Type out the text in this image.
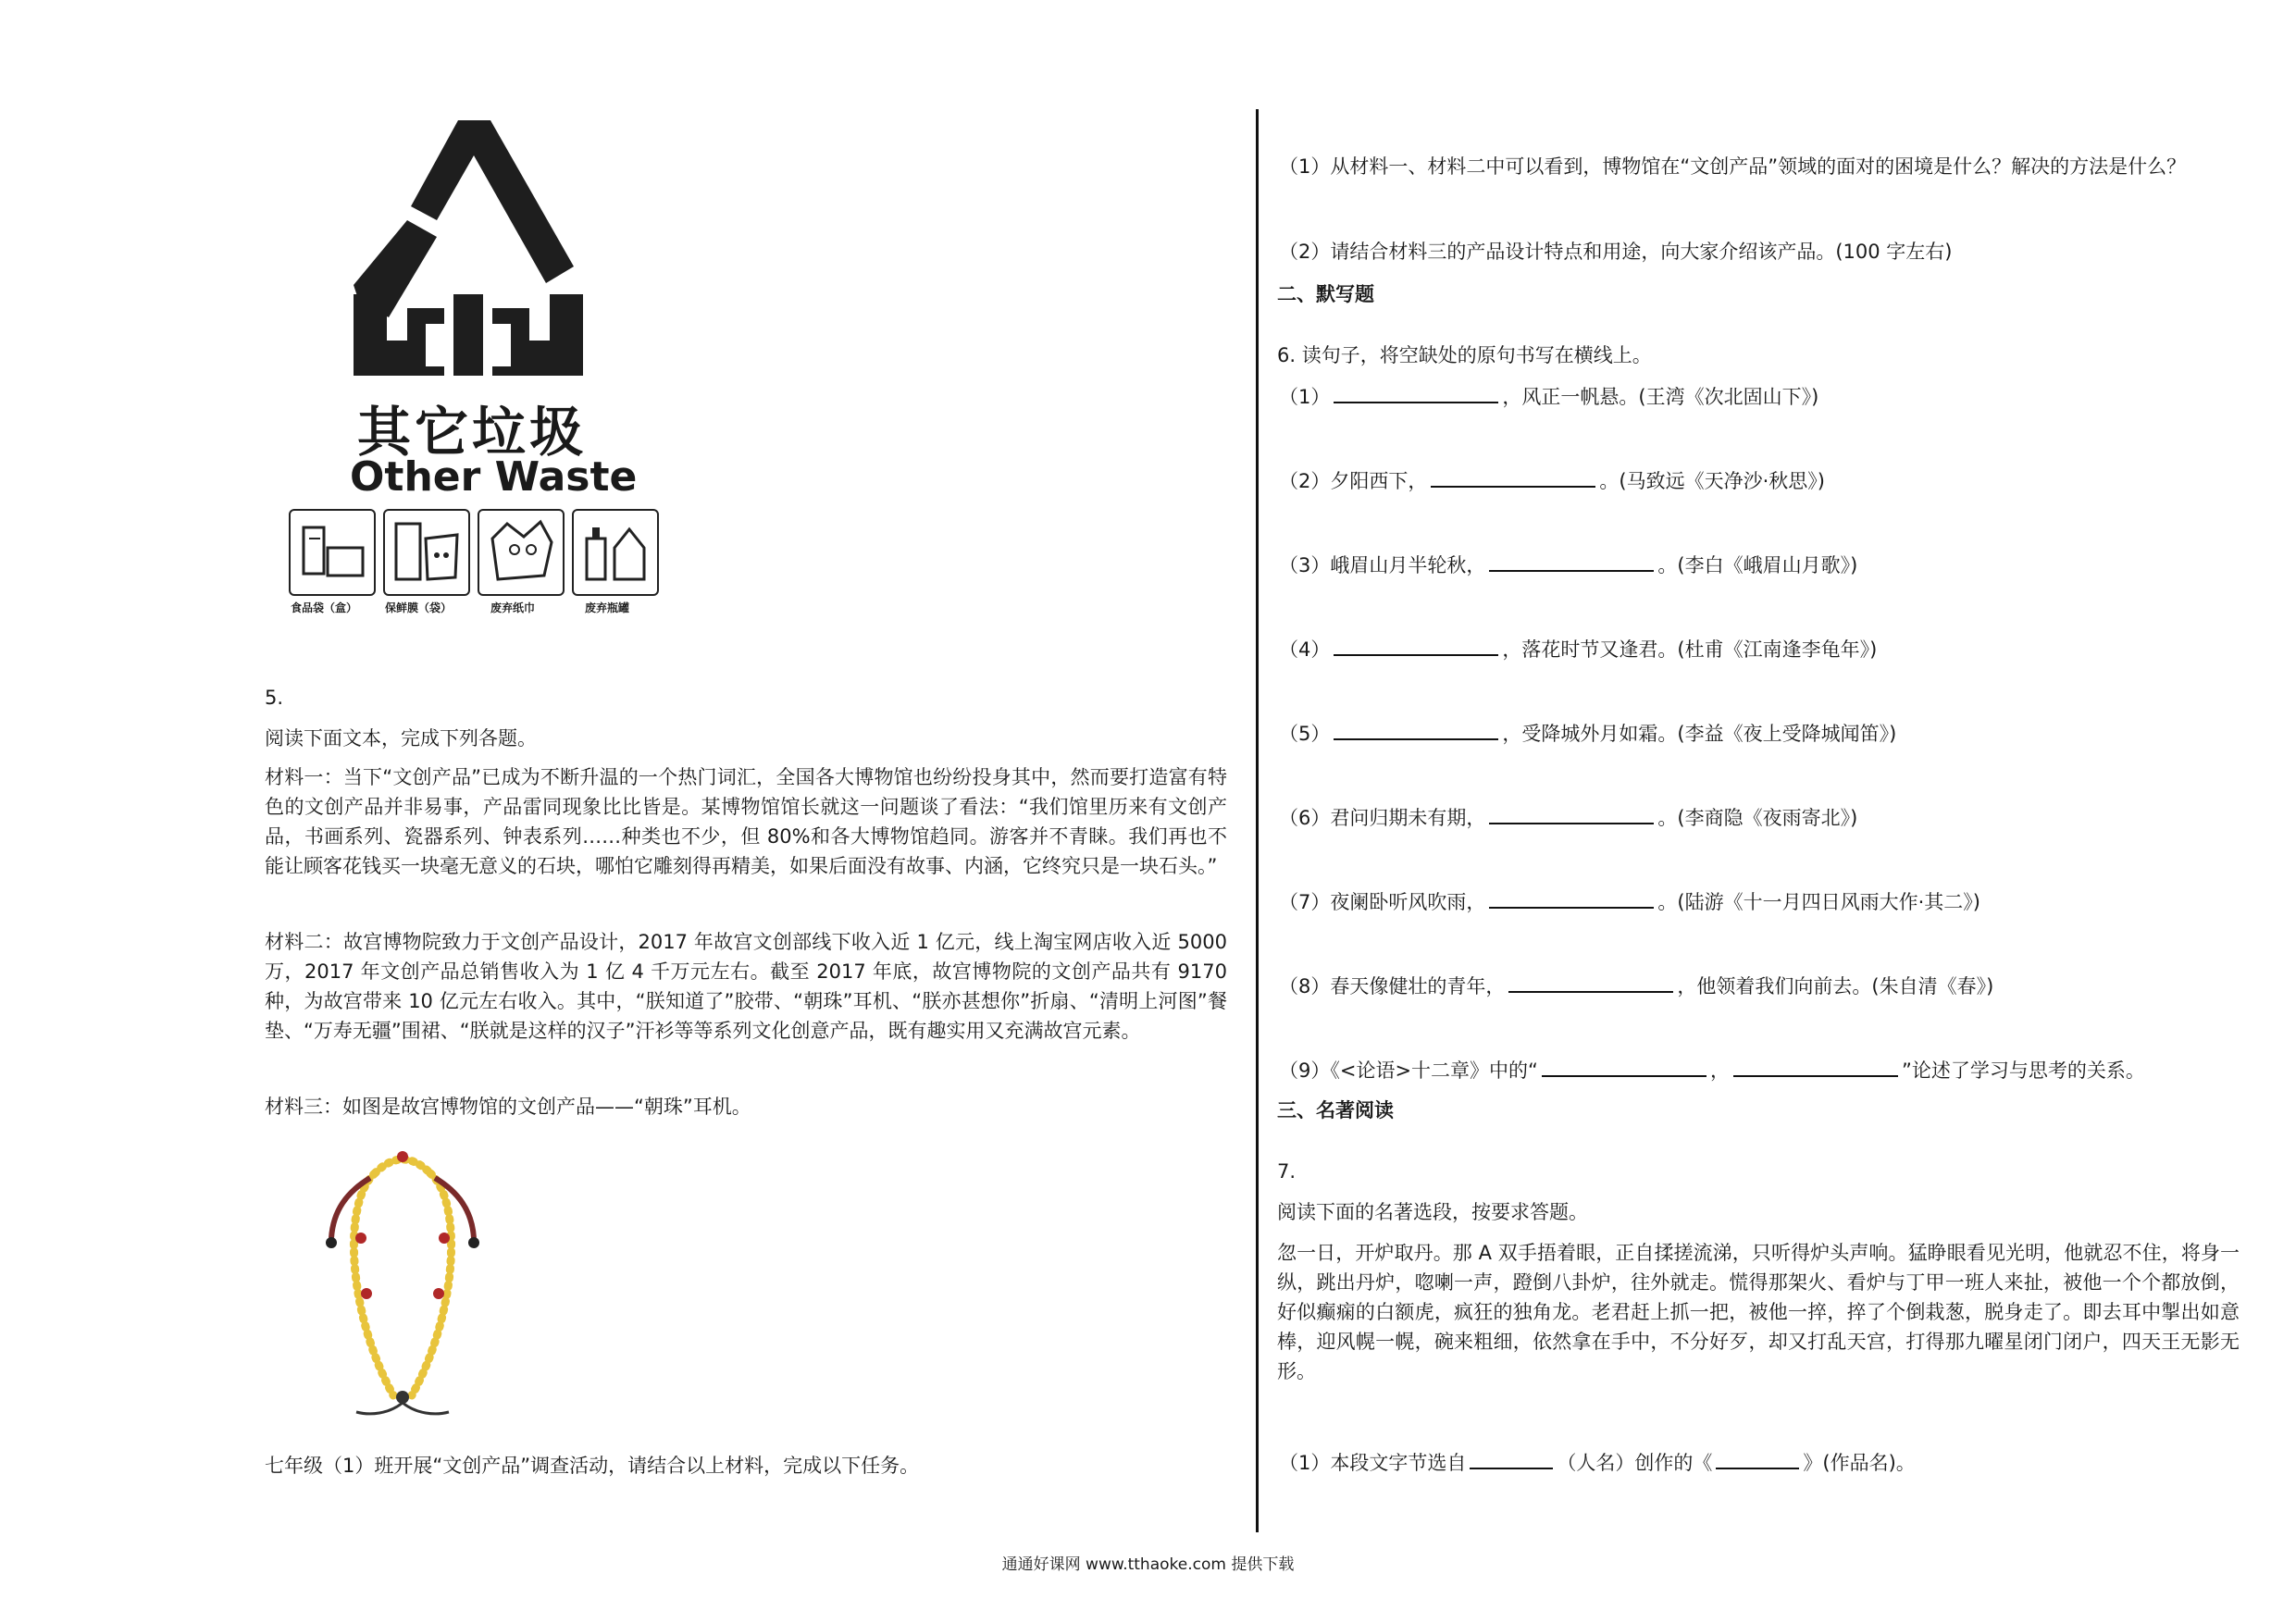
其它垃圾
Other Waste
食品袋（盒） 保鲜膜（袋）	废弃纸巾	废弃瓶罐
5.
阅读下面文本，完成下列各题。
材料一：当下“文创产品”已成为不断升温的一个热门词汇，全国各大博物馆也纷纷投身其中，然而要打造富有特色的文创产品并非易事，产品雷同现象比比皆是。某博物馆馆长就这一问题谈了看法：“我们馆里历来有文创产品，书画系列、瓷器系列、钟表系列……种类也不少，但 80%和各大博物馆趋同。游客并不青睐。我们再也不能让顾客花钱买一块毫无意义的石块，哪怕它雕刻得再精美，如果后面没有故事、内涵，它终究只是一块石头。”
材料二：故宫博物院致力于文创产品设计，2017 年故宫文创部线下收入近 1 亿元，线上淘宝网店收入近 5000 万，2017 年文创产品总销售收入为 1 亿 4 千万元左右。截至 2017 年底，故宫博物院的文创产品共有 9170 种，为故宫带来 10 亿元左右收入。其中，“朕知道了”胶带、“朝珠”耳机、“朕亦甚想你”折扇、“清明上河图”餐垫、“万寿无疆”围裙、“朕就是这样的汉子”汗衫等等系列文化创意产品，既有趣实用又充满故宫元素。
材料三：如图是故宫博物馆的文创产品——“朝珠”耳机。
七年级（1）班开展“文创产品”调查活动，请结合以上材料，完成以下任务。
（1）从材料一、材料二中可以看到，博物馆在“文创产品”领域的面对的困境是什么？解决的方法是什么？
（2）请结合材料三的产品设计特点和用途，向大家介绍该产品。(100 字左右)
二、默写题
6. 读句子，将空缺处的原句书写在横线上。
（1）	，风正一帆悬。(王湾《次北固山下》)
（2）夕阳西下，	。(马致远《天净沙·秋思》)
（3）峨眉山月半轮秋，	。(李白《峨眉山月歌》)
（4）	，落花时节又逢君。(杜甫《江南逢李龟年》)
（5）	，受降城外月如霜。(李益《夜上受降城闻笛》)
（6）君问归期未有期，	。(李商隐《夜雨寄北》)
（7）夜阑卧听风吹雨，	。(陆游《十一月四日风雨大作·其二》)
（8）春天像健壮的青年，	，他领着我们向前去。(朱自清《春》)
（9）《<论语>十二章》中的“	，	”论述了学习与思考的关系。
三、名著阅读
7.
阅读下面的名著选段，按要求答题。
忽一日，开炉取丹。那 A 双手捂着眼，正自揉搓流涕，只听得炉头声响。猛睁眼看见光明，他就忍不住，将身一纵，跳出丹炉，唿喇一声，蹬倒八卦炉，往外就走。慌得那架火、看炉与丁甲一班人来扯，被他一个个都放倒，好似癫痫的白额虎，疯狂的独角龙。老君赶上抓一把，被他一捽，捽了个倒栽葱，脱身走了。即去耳中掣出如意棒，迎风幌一幌，碗来粗细，依然拿在手中，不分好歹，却又打乱天宫，打得那九曜星闭门闭户，四天王无影无形。
（1）本段文字节选自	（人名）创作的《	》(作品名)。
通通好课网 www.tthaoke.com 提供下载
